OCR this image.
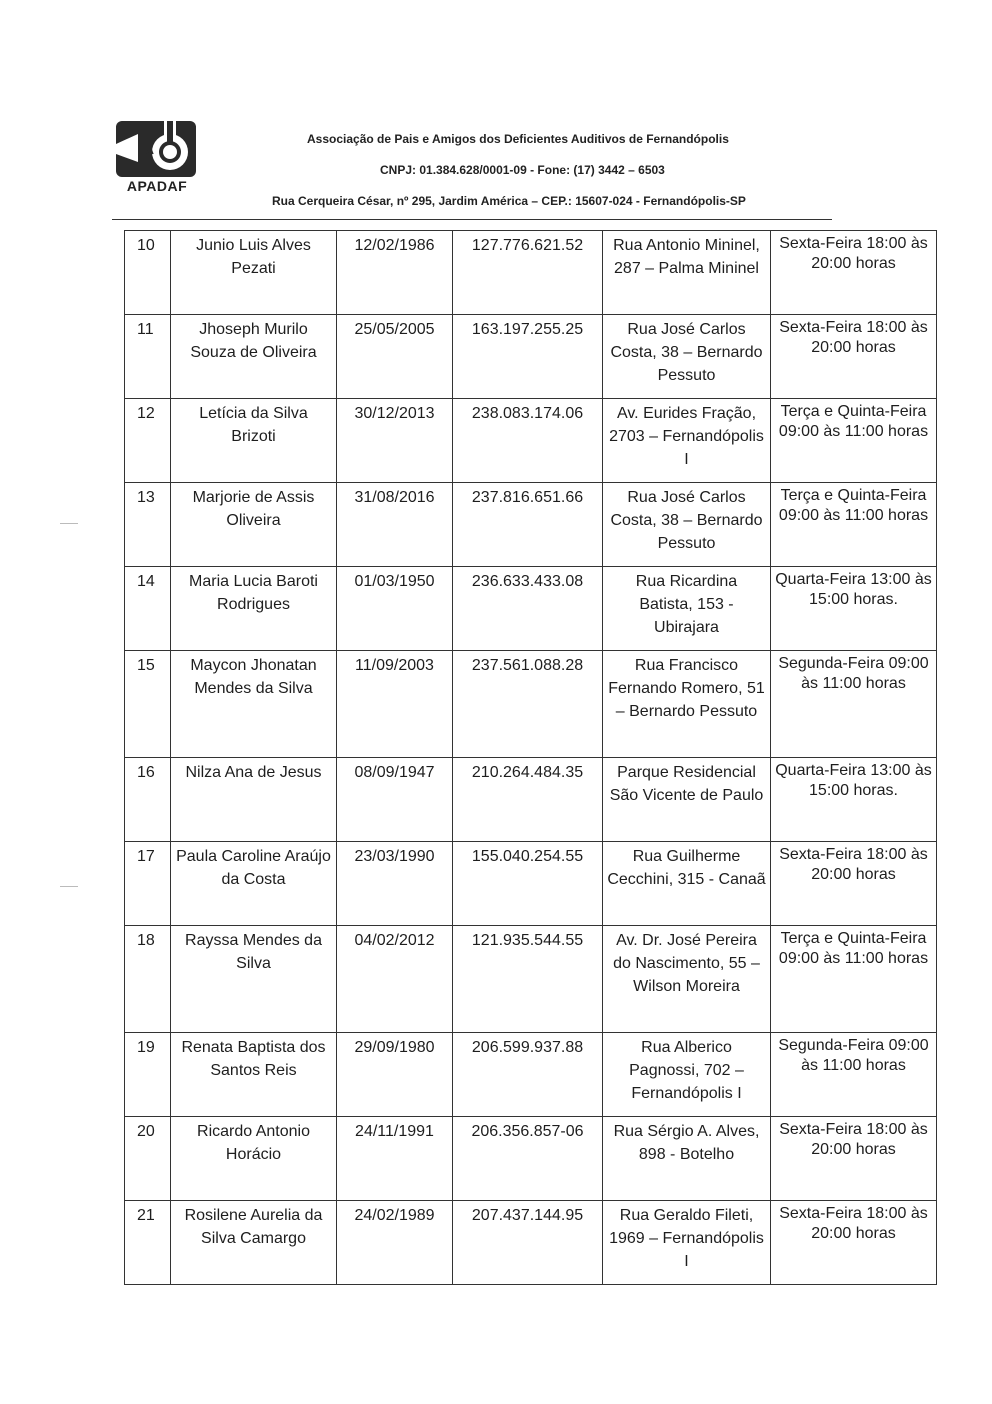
A
APADAF
Associação de Pais e Amigos dos Deficientes Auditivos de Fernandópolis
CNPJ: 01.384.628/0001-09 - Fone: (17) 3442 – 6503
Rua Cerqueira César, nº 295, Jardim América – CEP.: 15607-024 - Fernandópolis-SP
10	Junio Luis Alves Pezati	12/02/1986	127.776.621.52	Rua Antonio Mininel, 287 – Palma Mininel	Sexta-Feira 18:00 às 20:00 horas
11	Jhoseph Murilo Souza de Oliveira	25/05/2005	163.197.255.25	Rua José Carlos Costa, 38 – Bernardo Pessuto	Sexta-Feira 18:00 às 20:00 horas
12	Letícia da Silva Brizoti	30/12/2013	238.083.174.06	Av. Eurides Fração, 2703 – Fernandópolis I	Terça e Quinta-Feira 09:00 às 11:00 horas
13	Marjorie de Assis Oliveira	31/08/2016	237.816.651.66	Rua José Carlos Costa, 38 – Bernardo Pessuto	Terça e Quinta-Feira 09:00 às 11:00 horas
14	Maria Lucia Baroti Rodrigues	01/03/1950	236.633.433.08	Rua Ricardina Batista, 153 - Ubirajara	Quarta-Feira 13:00 às 15:00 horas.
15	Maycon Jhonatan Mendes da Silva	11/09/2003	237.561.088.28	Rua Francisco Fernando Romero, 51 – Bernardo Pessuto	Segunda-Feira 09:00 às 11:00 horas
16	Nilza Ana de Jesus	08/09/1947	210.264.484.35	Parque Residencial São Vicente de Paulo	Quarta-Feira 13:00 às 15:00 horas.
17	Paula Caroline Araújo da Costa	23/03/1990	155.040.254.55	Rua Guilherme Cecchini, 315 - Canaã	Sexta-Feira 18:00 às 20:00 horas
18	Rayssa Mendes da Silva	04/02/2012	121.935.544.55	Av. Dr. José Pereira do Nascimento, 55 – Wilson Moreira	Terça e Quinta-Feira 09:00 às 11:00 horas
19	Renata Baptista dos Santos Reis	29/09/1980	206.599.937.88	Rua Alberico Pagnossi, 702 – Fernandópolis I	Segunda-Feira 09:00 às 11:00 horas
20	Ricardo Antonio Horácio	24/11/1991	206.356.857-06	Rua Sérgio A. Alves, 898 - Botelho	Sexta-Feira 18:00 às 20:00 horas
21	Rosilene Aurelia da Silva Camargo	24/02/1989	207.437.144.95	Rua Geraldo Fileti, 1969 – Fernandópolis I	Sexta-Feira 18:00 às 20:00 horas
